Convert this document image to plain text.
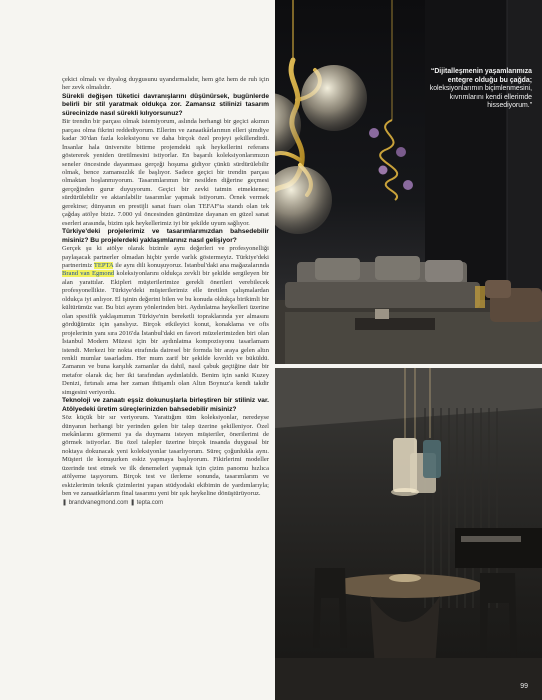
çekici olmalı ve diyalog duygusunu uyandırmalıdır, hem göz hem de ruh için her zevk olmalıdır.

Sürekli değişen tüketici davranışlarını düşünürsek, bugünlerde belirli bir stil yaratmak oldukça zor. Zamansız stilinizi tasarım sürecinizde nasıl sürekli kılıyorsunuz?

Bir trendin bir parçası olmak istemiyorum, aslında herhangi bir geçici akımın parçası olma fikrini reddediyorum. Ellerim ve zanaatkârlarımın elleri şimdiye kadar 30'dan fazla koleksiyonu ve daha birçok özel projeyi şekillendirdi. İnsanlar hala üniversite bitirme projemdeki ışık heykellerini referans göstererek yeniden üretilmesini istiyorlar. En başarılı koleksiyonlarımızın seneler öncesinde dayanması gerçeği hoşuma gidiyor çünkü sürdürülebilir olmak, bence zamansızlık ile başlıyor. Sadece geçici bir trendin parçası olmaktan hoşlanmıyorum. Tasarımlarımın bir nesilden diğerine geçmesi gerçeğinden gurur duyuyorum. Geçici bir zevki tatmin etmektense; sürdürülebilir ve aktarılabilir tasarımlar yapmak istiyorum. Örnek vermek gerekirse; dünyanın en prestijli sanat fuarı olan TEFAF'ta standı olan tek çağdaş atölye biziz. 7.000 yıl öncesinden günümüze dayanan en güzel sanat eserleri arasında, bizim ışık heykellerimiz iyi bir şekilde uyum sağlıyor.

Türkiye'deki projelerimiz ve tasarımlarımızdan bahsedebilir misiniz? Bu projelerdeki yaklaşımlarınız nasıl gelişiyor?

Gerçek şu ki atölye olarak bizimle aynı değerleri ve profesyonelliği paylaşacak partnerler olmadan hiçbir yerde varlık göstermeyiz. Türkiye'deki partnerimiz TEPTA ile aynı dili konuşuyoruz. İstanbul'daki ana mağazalarında Brand van Egmond koleksiyonlarını oldukça zevkli bir şekilde sergileyen bir alan yarattılar. Ekipleri müşterilerimize gerekli önerileri verebilecek profesyonellikte. Türkiye'deki müşterilerimiz elle üretilen çalışmalardan oldukça iyi anlıyor. El işinin değerini bilen ve bu konuda oldukça birikimli bir kültürümüz var. Bu bizi ayrım yönlerinden biri. Aydınlatma heykelleri üzerine olan spesifik yaklaşımımın Türkiye'nin bereketli topraklarında yer almasını gördüğümüz için şanslıyız. Birçok etkileyici konut, konaklama ve ofis projelerinin yanı sıra 2016'da İstanbul'daki en favori müzelerimizden biri olan İstanbul Modern Müzesi için bir aydınlatma kompozisyonu tasarlamam istendi. Merkezi bir nokta etrafında dairesel bir formda bir araya gelen altın renkli mumlar tasarladım. Her mum zarif bir şekilde kıvrıldı ve büküldü. Zamanın ve buna karşılık zamanlar da dahil, nasıl çabuk geçtiğine dair bir metafor olarak da; her iki tarafından aydınlatıldı. Benim için sanki Kuzey Denizi, fırtınalı ama her zaman ihtişamlı olan Altın Boynuz'a kendi takdir simgesini veriyordu.

Teknoloji ve zanaatı eşsiz dokunuşlarla birleştiren bir stiliniz var. Atölyedeki üretim süreçlerinizden bahsedebilir misiniz?

Söz küçük bir sır veriyorum. Yarattığım tüm koleksiyonlar, neredeyse dünyanın herhangi bir yerinden gelen bir talep üzerine şekilleniyor. Özel mekânlarını görmemi ya da duymamı isteyen müşteriler, önerilerimi de görmek istiyorlar. Bu özel talepler üzerine birçok insanda duygusal bir noktaya dokunacak yeni koleksiyonlar tasarlıyorum. Süreç çoğunlukla aynı. Müşteri ile konuşurken eskiz yapmaya başlıyorum. Fikirlerimi modeller üzerinde test etmek ve ilk denemeleri yapmak için çizim panomu hızlıca atölyeme taşıyorum. Birçok test ve ilerleme sonunda, tasarımlarım ve eskizlerimin teknik çizimlerini yapan stüdyodaki ekibimin de yardımlarıyla; ben ve zanaatkârlarım final tasarımı yeni bir ışık heykeline dönüştürüyoruz.

❚ brandvanegmond.com ❚ tepta.com

“Dijitalleşmenin yaşamlarımıza entegre olduğu bu çağda; koleksiyonlarımın biçimlenmesini, kıvrımlarını kendi ellerimde hissediyorum.”
99
